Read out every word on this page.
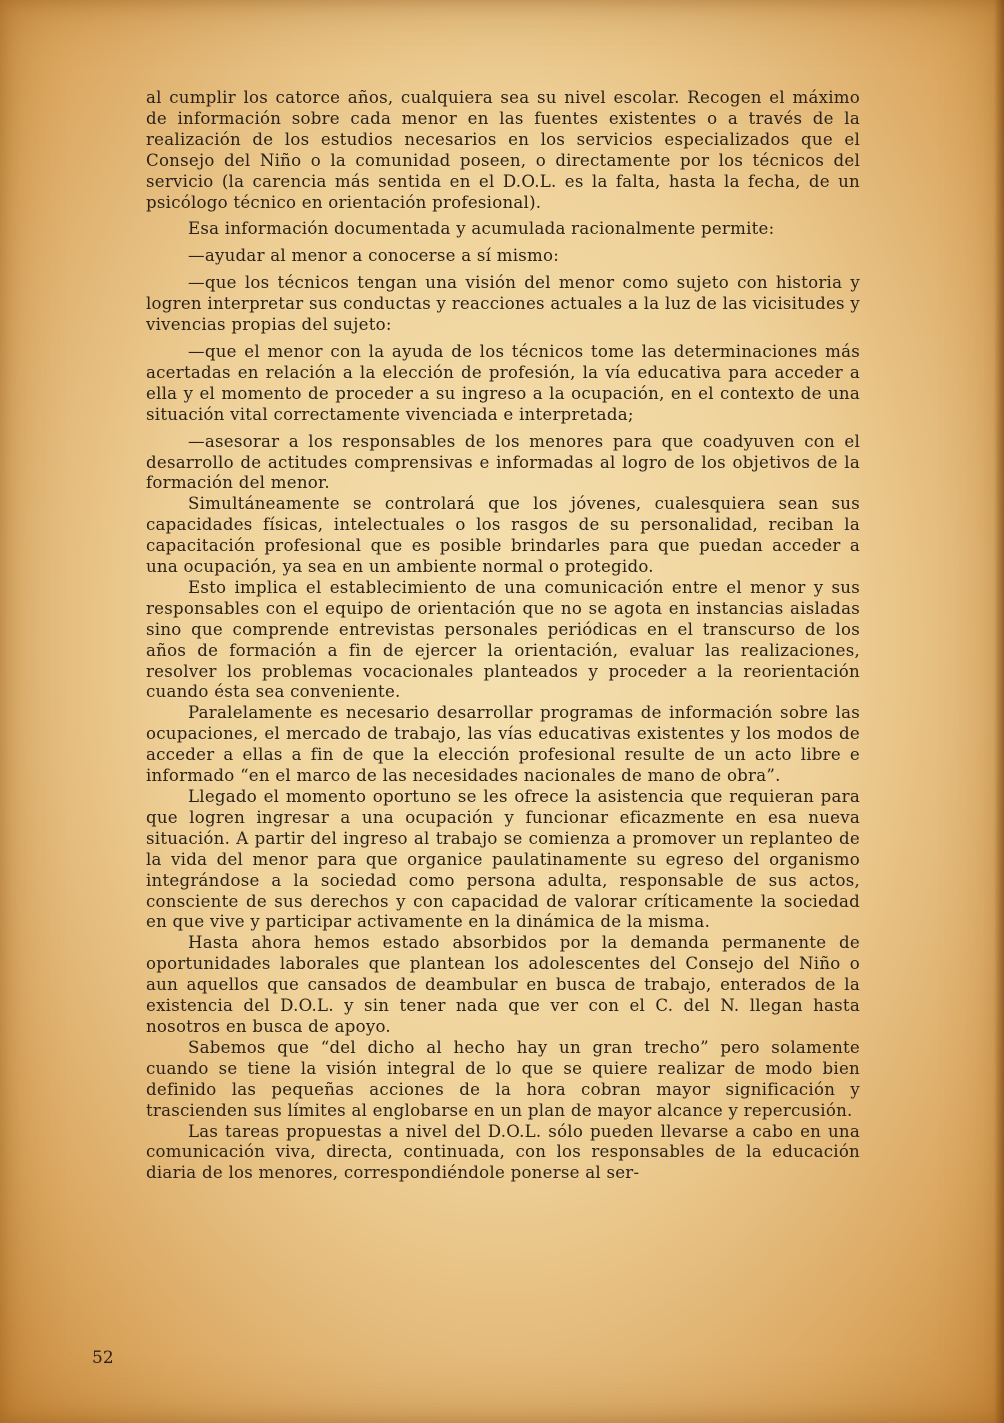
al cumplir los catorce años, cualquiera sea su nivel escolar. Recogen el máximo de información sobre cada menor en las fuentes existentes o a través de la realización de los estudios necesarios en los servicios especializados que el Consejo del Niño o la comunidad poseen, o directamente por los técnicos del servicio (la carencia más sentida en el D.O.L. es la falta, hasta la fecha, de un psicólogo técnico en orientación profesional).

Esa información documentada y acumulada racionalmente permite:

—ayudar al menor a conocerse a sí mismo:

—que los técnicos tengan una visión del menor como sujeto con historia y logren interpretar sus conductas y reacciones actuales a la luz de las vicisitudes y vivencias propias del sujeto:

—que el menor con la ayuda de los técnicos tome las determinaciones más acertadas en relación a la elección de profesión, la vía educativa para acceder a ella y el momento de proceder a su ingreso a la ocupación, en el contexto de una situación vital correctamente vivenciada e interpretada;

—asesorar a los responsables de los menores para que coadyuven con el desarrollo de actitudes comprensivas e informadas al logro de los objetivos de la formación del menor.

Simultáneamente se controlará que los jóvenes, cualesquiera sean sus capacidades físicas, intelectuales o los rasgos de su personalidad, reciban la capacitación profesional que es posible brindarles para que puedan acceder a una ocupación, ya sea en un ambiente normal o protegido.

Esto implica el establecimiento de una comunicación entre el menor y sus responsables con el equipo de orientación que no se agota en instancias aisladas sino que comprende entrevistas personales periódicas en el transcurso de los años de formación a fin de ejercer la orientación, evaluar las realizaciones, resolver los problemas vocacionales planteados y proceder a la reorientación cuando ésta sea conveniente.

Paralelamente es necesario desarrollar programas de información sobre las ocupaciones, el mercado de trabajo, las vías educativas existentes y los modos de acceder a ellas a fin de que la elección profesional resulte de un acto libre e informado “en el marco de las necesidades nacionales de mano de obra”.

Llegado el momento oportuno se les ofrece la asistencia que requieran para que logren ingresar a una ocupación y funcionar eficazmente en esa nueva situación. A partir del ingreso al trabajo se comienza a promover un replanteo de la vida del menor para que organice paulatinamente su egreso del organismo integrándose a la sociedad como persona adulta, responsable de sus actos, consciente de sus derechos y con capacidad de valorar críticamente la sociedad en que vive y participar activamente en la dinámica de la misma.

Hasta ahora hemos estado absorbidos por la demanda permanente de oportunidades laborales que plantean los adolescentes del Consejo del Niño o aun aquellos que cansados de deambular en busca de trabajo, enterados de la existencia del D.O.L. y sin tener nada que ver con el C. del N. llegan hasta nosotros en busca de apoyo.

Sabemos que “del dicho al hecho hay un gran trecho” pero solamente cuando se tiene la visión integral de lo que se quiere realizar de modo bien definido las pequeñas acciones de la hora cobran mayor significación y trascienden sus límites al englobarse en un plan de mayor alcance y repercusión.

Las tareas propuestas a nivel del D.O.L. sólo pueden llevarse a cabo en una comunicación viva, directa, continuada, con los responsables de la educación diaria de los menores, correspondiéndole ponerse al ser-

52
